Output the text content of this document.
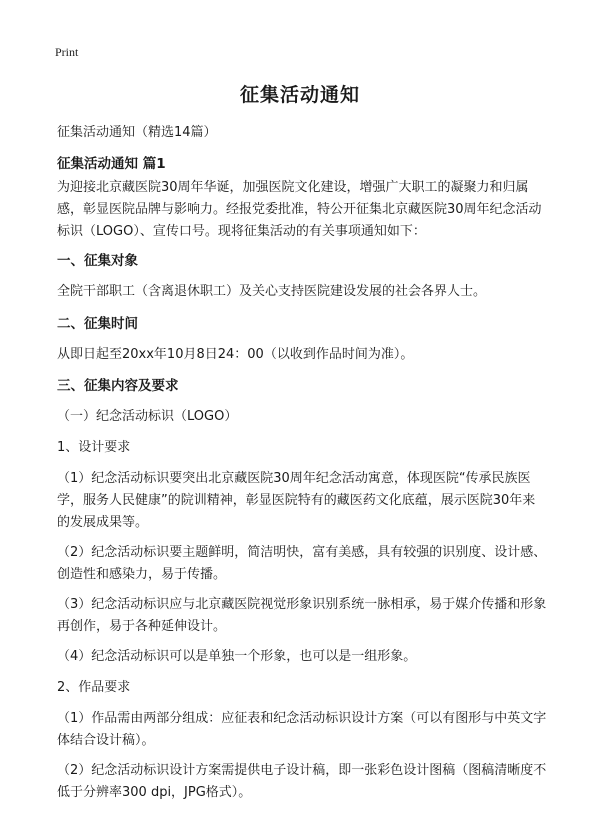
Print
征集活动通知
征集活动通知（精选14篇）
征集活动通知 篇1

为迎接北京藏医院30周年华诞，加强医院文化建设，增强广大职工的凝聚力和归属感，彰显医院品牌与影响力。经报党委批准，特公开征集北京藏医院30周年纪念活动标识（LOGO）、宣传口号。现将征集活动的有关事项通知如下：

一、征集对象

全院干部职工（含离退休职工）及关心支持医院建设发展的社会各界人士。

二、征集时间

从即日起至20xx年10月8日24：00（以收到作品时间为准）。

三、征集内容及要求

（一）纪念活动标识（LOGO）

1、设计要求

（1）纪念活动标识要突出北京藏医院30周年纪念活动寓意，体现医院“传承民族医学，服务人民健康”的院训精神，彰显医院特有的藏医药文化底蕴，展示医院30年来的发展成果等。

（2）纪念活动标识要主题鲜明，简洁明快，富有美感，具有较强的识别度、设计感、创造性和感染力，易于传播。

（3）纪念活动标识应与北京藏医院视觉形象识别系统一脉相承，易于媒介传播和形象再创作，易于各种延伸设计。

（4）纪念活动标识可以是单独一个形象，也可以是一组形象。

2、作品要求

（1）作品需由两部分组成：应征表和纪念活动标识设计方案（可以有图形与中英文字体结合设计稿）。

（2）纪念活动标识设计方案需提供电子设计稿，即一张彩色设计图稿（图稿清晰度不低于分辨率300 dpi，JPG格式）。
